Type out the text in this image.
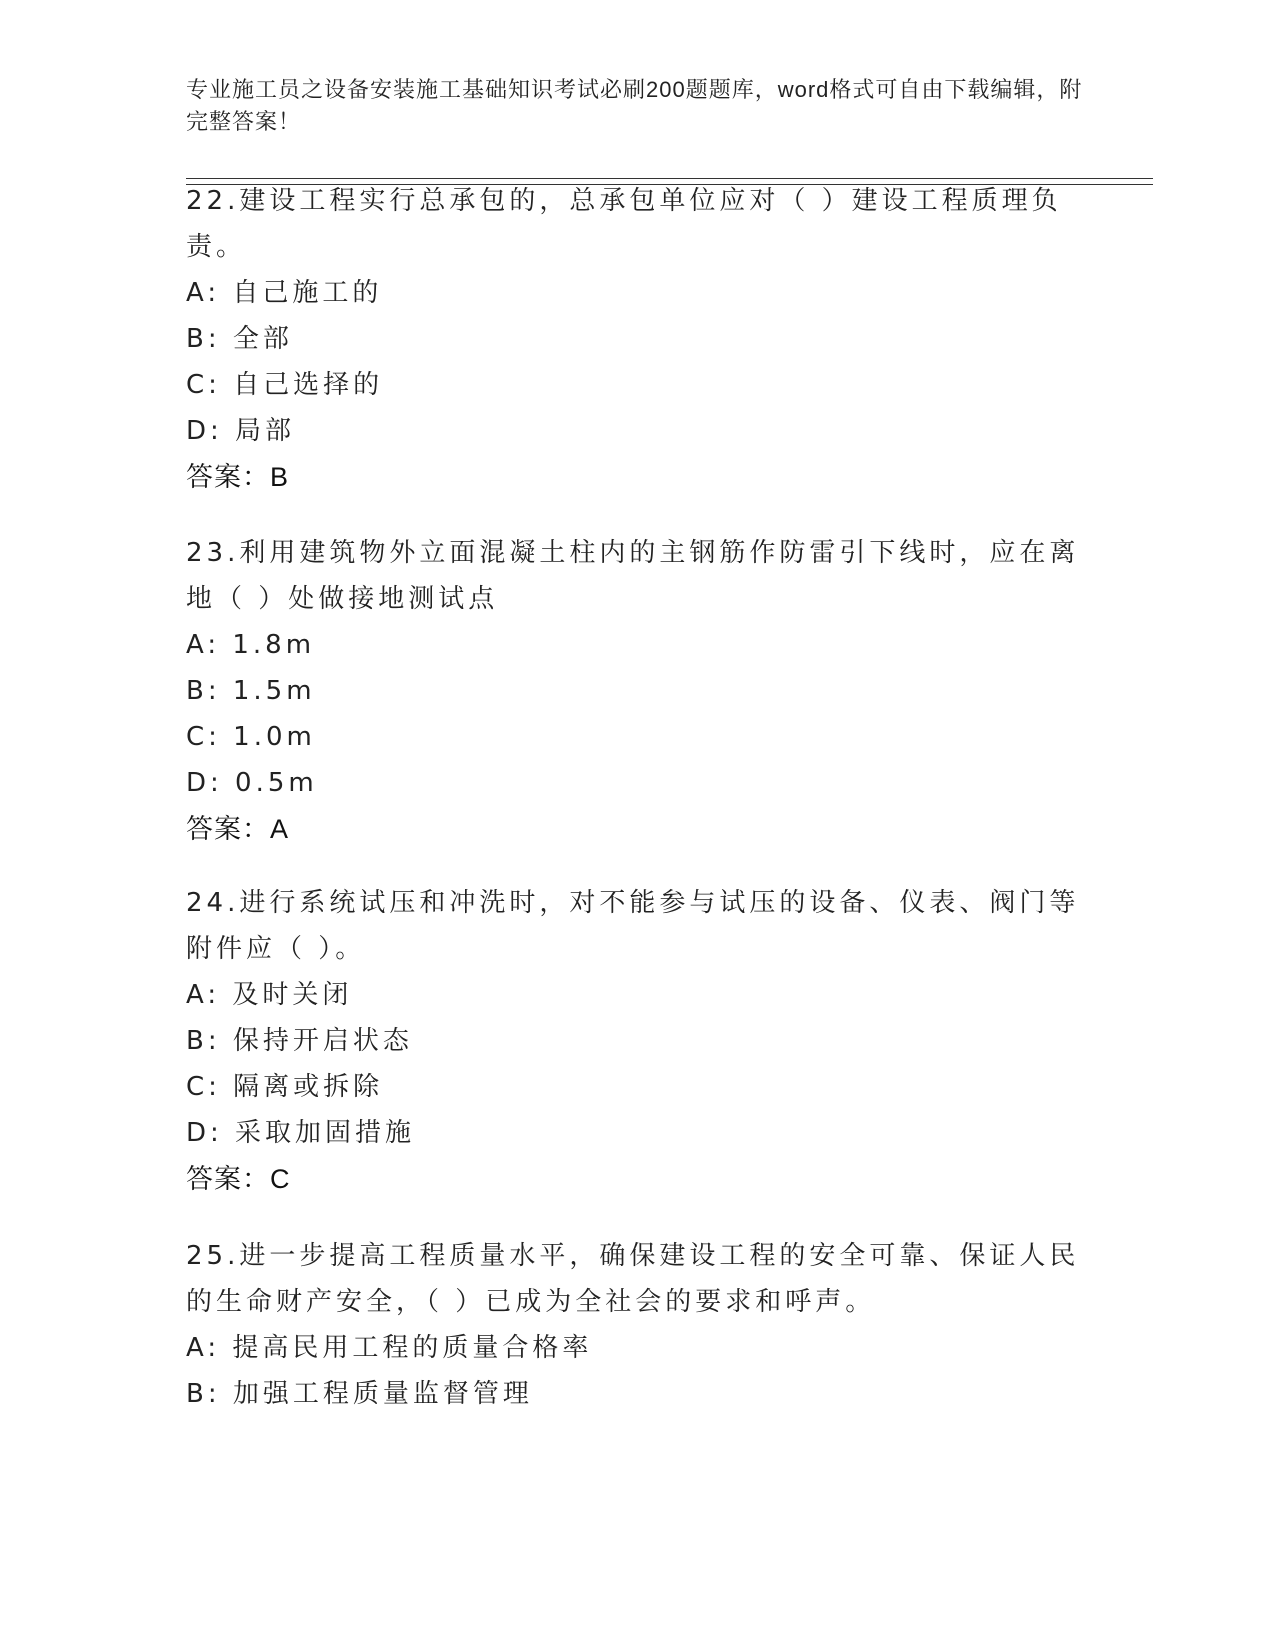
专业施工员之设备安装施工基础知识考试必刷200题题库，word格式可自由下载编辑，附完整答案！

22.建设工程实行总承包的，总承包单位应对（ ）建设工程质理负责。

A: 自己施工的

B: 全部

C: 自己选择的

D: 局部

答案：B

23.利用建筑物外立面混凝土柱内的主钢筋作防雷引下线时，应在离地（ ）处做接地测试点

A: 1.8m

B: 1.5m

C: 1.0m

D: 0.5m

答案：A

24.进行系统试压和冲洗时，对不能参与试压的设备、仪表、阀门等附件应（ ）。

A: 及时关闭

B: 保持开启状态

C: 隔离或拆除

D: 采取加固措施

答案：C

25.进一步提高工程质量水平，确保建设工程的安全可靠、保证人民的生命财产安全，（ ）已成为全社会的要求和呼声。

A: 提高民用工程的质量合格率

B: 加强工程质量监督管理
